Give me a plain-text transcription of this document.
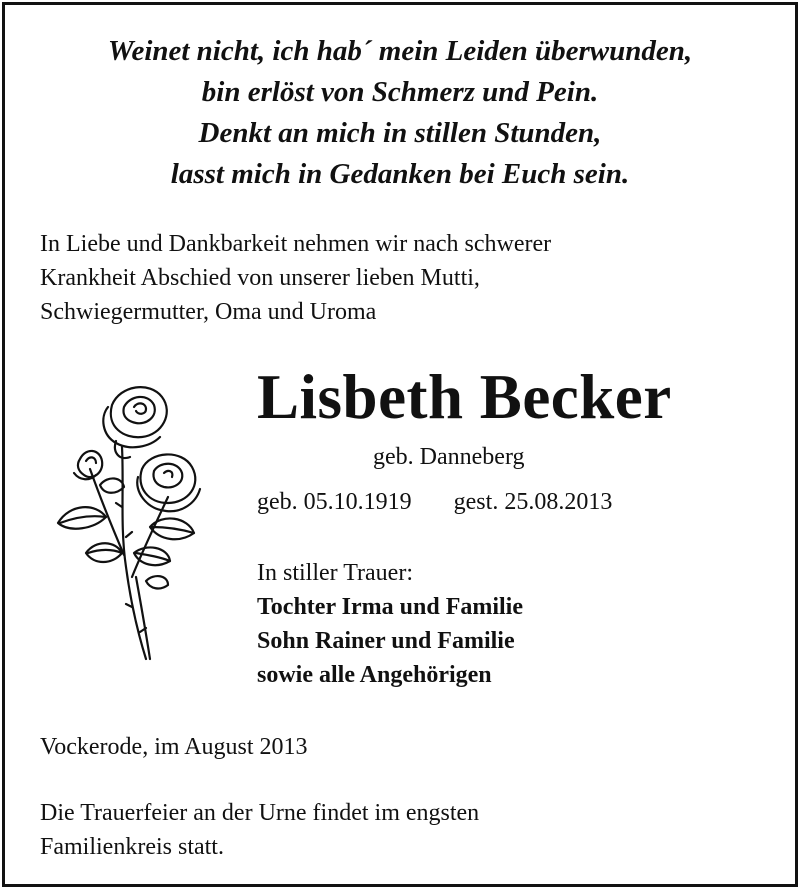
Weinet nicht, ich hab´ mein Leiden überwunden,
bin erlöst von Schmerz und Pein.
Denkt an mich in stillen Stunden,
lasst mich in Gedanken bei Euch sein.
In Liebe und Dankbarkeit nehmen wir nach schwerer
Krankheit Abschied von unserer lieben Mutti,
Schwiegermutter, Oma und Uroma
Lisbeth Becker
geb. Danneberg
geb. 05.10.1919 gest. 25.08.2013
In stiller Trauer:
Tochter Irma und Familie
Sohn Rainer und Familie
sowie alle Angehörigen
Vockerode, im August 2013
Die Trauerfeier an der Urne findet im engsten
Familienkreis statt.
